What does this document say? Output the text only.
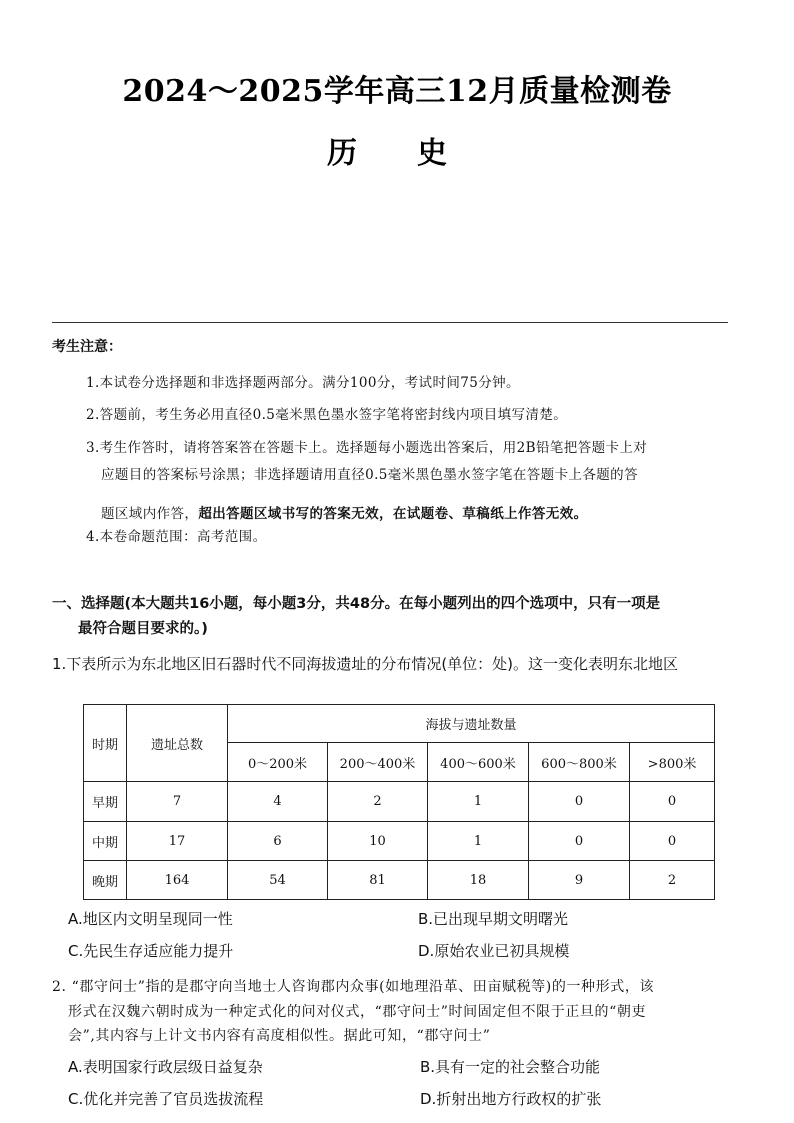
2024～2025学年高三12月质量检测卷
历史
考生注意：
1.本试卷分选择题和非选择题两部分。满分100分，考试时间75分钟。
2.答题前，考生务必用直径0.5毫米黑色墨水签字笔将密封线内项目填写清楚。
3.考生作答时，请将答案答在答题卡上。选择题每小题选出答案后，用2B铅笔把答题卡上对
应题目的答案标号涂黑；非选择题请用直径0.5毫米黑色墨水签字笔在答题卡上各题的答
题区域内作答，超出答题区域书写的答案无效，在试题卷、草稿纸上作答无效。
4.本卷命题范围：高考范围。
一、选择题(本大题共16小题，每小题3分，共48分。在每小题列出的四个选项中，只有一项是
最符合题目要求的。)
1.下表所示为东北地区旧石器时代不同海拔遗址的分布情况(单位：处)。这一变化表明东北地区
时期	遗址总数	海拔与遗址数量				
		0～200米	200～400米	400～600米	600～800米	>800米
早期	7	4	2	1	0	0
中期	17	6	10	1	0	0
晚期	164	54	81	18	9	2
A.地区内文明呈现同一性	B.已出现早期文明曙光
C.先民生存适应能力提升	D.原始农业已初具规模
2. “郡守问士”指的是郡守向当地士人咨询郡内众事(如地理沿革、田亩赋税等)的一种形式，该
形式在汉魏六朝时成为一种定式化的问对仪式，“郡守问士”时间固定但不限于正旦的“朝吏
会”,其内容与上计文书内容有高度相似性。据此可知，“郡守问士”
A.表明国家行政层级日益复杂	B.具有一定的社会整合功能
C.优化并完善了官员选拔流程	D.折射出地方行政权的扩张
